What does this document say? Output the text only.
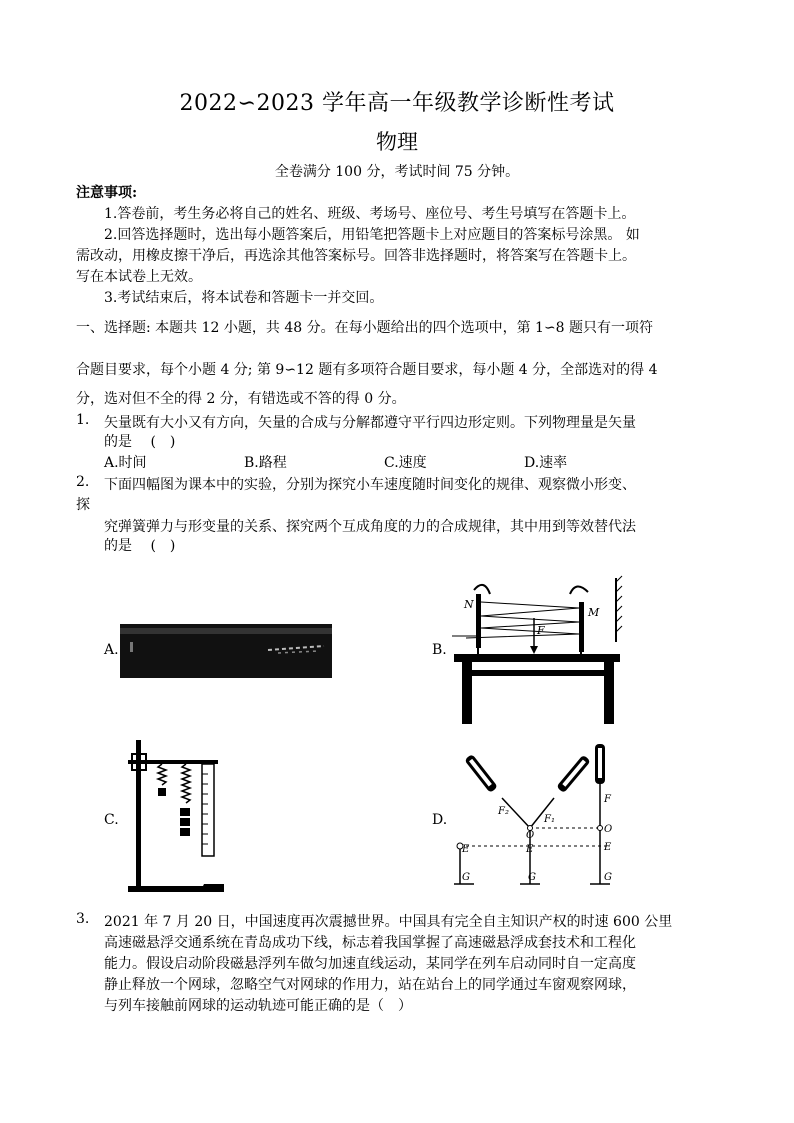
2022∽2023 学年高一年级教学诊断性考试
物理
全卷满分 100 分，考试时间 75 分钟。
注意事项:
1.答卷前，考生务必将自己的姓名、班级、考场号、座位号、考生号填写在答题卡上。
2.回答选择题时，选出每小题答案后，用铅笔把答题卡上对应题目的答案标号涂黑。 如
需改动，用橡皮擦干净后，再选涂其他答案标号。回答非选择题时，将答案写在答题卡上。
写在本试卷上无效。
3.考试结束后，将本试卷和答题卡一并交回。
一、选择题: 本题共 12 小题，共 48 分。在每小题给出的四个选项中，第 1∽8 题只有一项符
合题目要求，每个小题 4 分; 第 9∽12 题有多项符合题目要求，每小题 4 分，全部选对的得 4
分，选对但不全的得 2 分，有错选或不答的得 0 分。
1. 矢量既有大小又有方向，矢量的合成与分解都遵守平行四边形定则。下列物理量是矢量
的是　 (　)
A.时间	B.路程	C.速度	D.速率
2. 下面四幅图为课本中的实验，分别为探究小车速度随时间变化的规律、观察微小形变、
探
究弹簧弹力与形变量的关系、探究两个互成角度的力的合成规律，其中用到等效替代法
的是　 (　)
A.	B.
N
M
F
C.	D.
F₂
F₁
O
E
G
E
G
F
O
E
G
3. 2021 年 7 月 20 日，中国速度再次震撼世界。中国具有完全自主知识产权的时速 600 公里
高速磁悬浮交通系统在青岛成功下线，标志着我国掌握了高速磁悬浮成套技术和工程化
能力。假设启动阶段磁悬浮列车做匀加速直线运动，某同学在列车启动同时自一定高度
静止释放一个网球，忽略空气对网球的作用力，站在站台上的同学通过车窗观察网球，
与列车接触前网球的运动轨迹可能正确的是（　）
